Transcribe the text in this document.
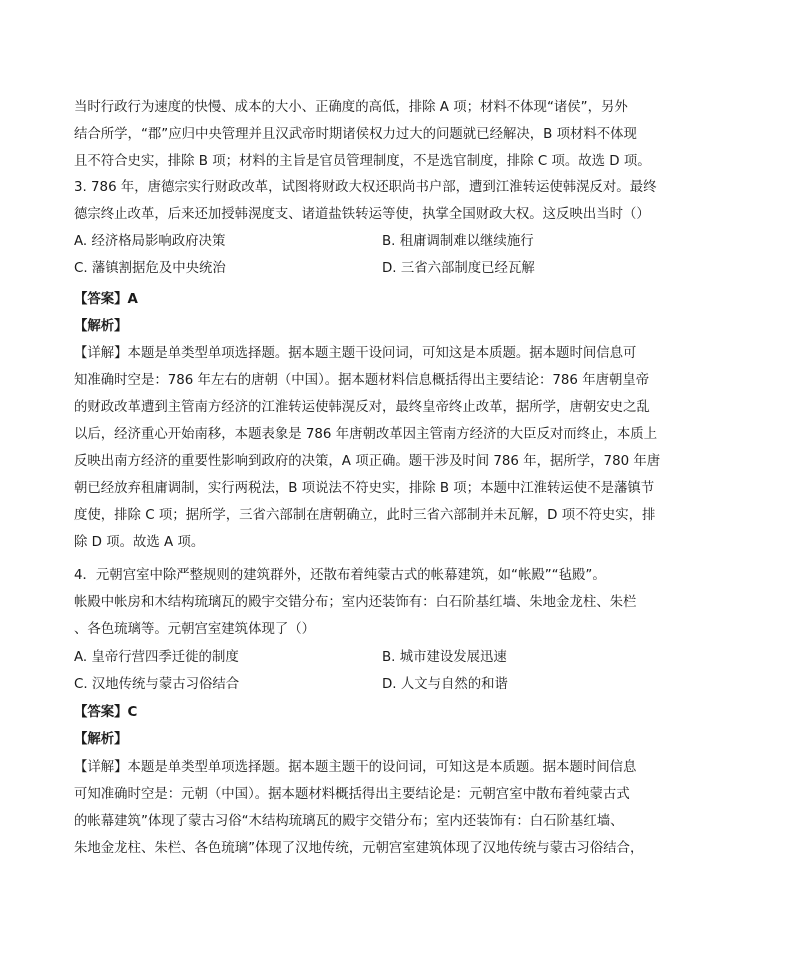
当时行政行为速度的快慢、成本的大小、正确度的高低，排除 A 项；材料不体现“诸侯”，另外
结合所学，“郡”应归中央管理并且汉武帝时期诸侯权力过大的问题就已经解决，B 项材料不体现
且不符合史实，排除 B 项；材料的主旨是官员管理制度，不是选官制度，排除 C 项。故选 D 项。
3. 786 年，唐德宗实行财政改革，试图将财政大权还职尚书户部，遭到江淮转运使韩滉反对。最终
德宗终止改革，后来还加授韩滉度支、诸道盐铁转运等使，执掌全国财政大权。这反映出当时（）
A. 经济格局影响政府决策	B. 租庸调制难以继续施行
C. 藩镇割据危及中央统治	D. 三省六部制度已经瓦解
【答案】A
【解析】
【详解】本题是单类型单项选择题。据本题主题干设问词，可知这是本质题。据本题时间信息可
知准确时空是：786 年左右的唐朝（中国）。据本题材料信息概括得出主要结论：786 年唐朝皇帝
的财政改革遭到主管南方经济的江淮转运使韩滉反对，最终皇帝终止改革，据所学，唐朝安史之乱
以后，经济重心开始南移，本题表象是 786 年唐朝改革因主管南方经济的大臣反对而终止，本质上
反映出南方经济的重要性影响到政府的决策，A 项正确。题干涉及时间 786 年，据所学，780 年唐
朝已经放弃租庸调制，实行两税法，B 项说法不符史实，排除 B 项；本题中江淮转运使不是藩镇节
度使，排除 C 项；据所学，三省六部制在唐朝确立，此时三省六部制并未瓦解，D 项不符史实，排
除 D 项。故选 A 项。
4．元朝宫室中除严整规则的建筑群外，还散布着纯蒙古式的帐幕建筑，如“帐殿”“毡殿”。
帐殿中帐房和木结构琉璃瓦的殿宇交错分布；室内还装饰有：白石阶基红墙、朱地金龙柱、朱栏
、各色琉璃等。元朝宫室建筑体现了（）
A. 皇帝行营四季迁徙的制度	B. 城市建设发展迅速
C. 汉地传统与蒙古习俗结合	D. 人文与自然的和谐
【答案】C
【解析】
【详解】本题是单类型单项选择题。据本题主题干的设问词，可知这是本质题。据本题时间信息
可知准确时空是：元朝（中国）。据本题材料概括得出主要结论是：元朝宫室中散布着纯蒙古式
的帐幕建筑”体现了蒙古习俗“木结构琉璃瓦的殿宇交错分布；室内还装饰有：白石阶基红墙、
朱地金龙柱、朱栏、各色琉璃”体现了汉地传统，元朝宫室建筑体现了汉地传统与蒙古习俗结合，
